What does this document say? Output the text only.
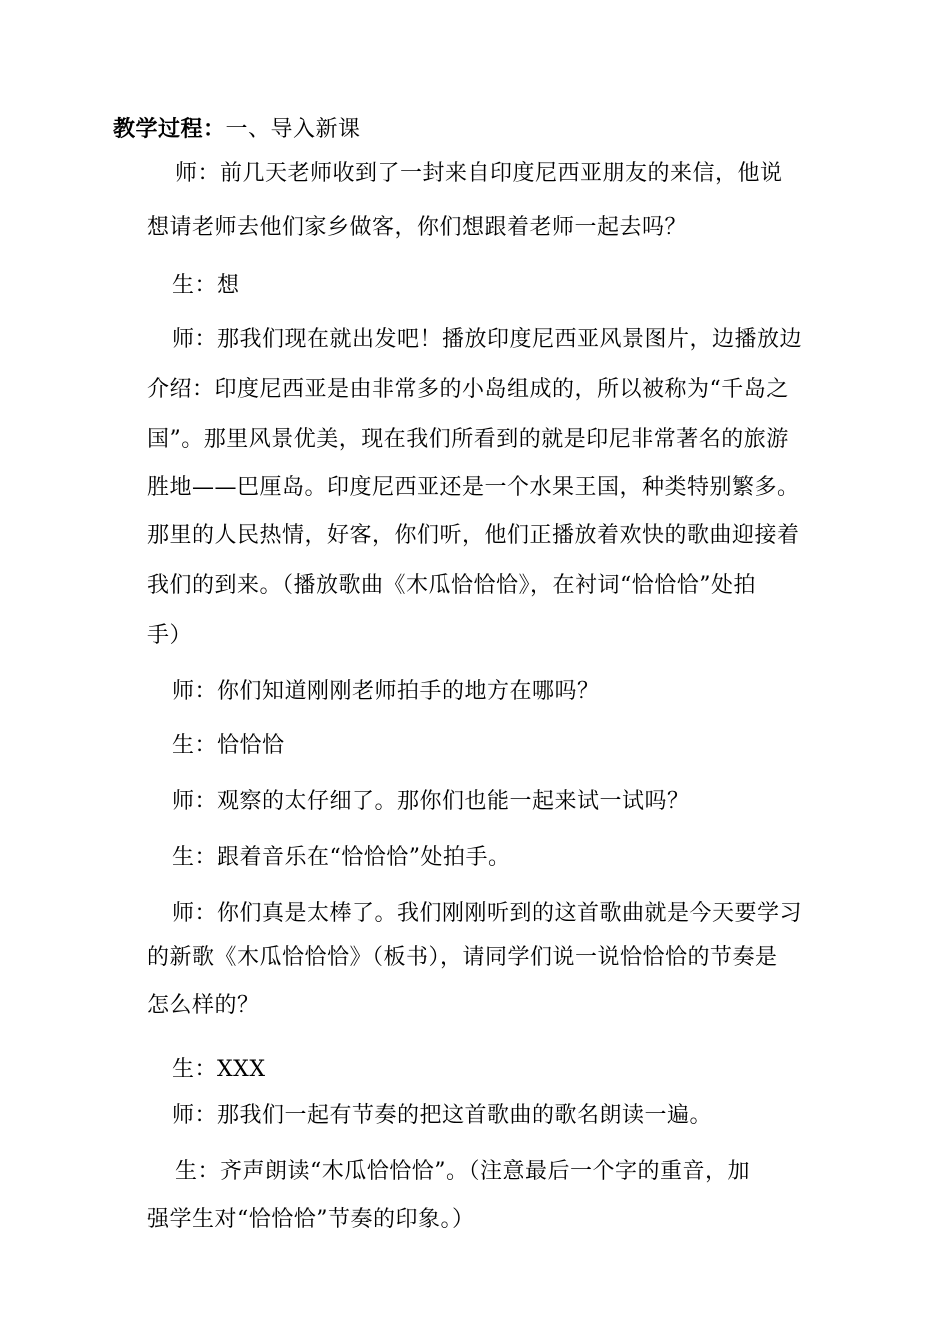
教学过程：一、导入新课
师：前几天老师收到了一封来自印度尼西亚朋友的来信，他说
想请老师去他们家乡做客，你们想跟着老师一起去吗？
生：想
师：那我们现在就出发吧！播放印度尼西亚风景图片，边播放边
介绍：印度尼西亚是由非常多的小岛组成的，所以被称为“千岛之
国”。那里风景优美，现在我们所看到的就是印尼非常著名的旅游
胜地——巴厘岛。印度尼西亚还是一个水果王国，种类特别繁多。
那里的人民热情，好客，你们听，他们正播放着欢快的歌曲迎接着
我们的到来。（播放歌曲《木瓜恰恰恰》，在衬词“恰恰恰”处拍
手）
师：你们知道刚刚老师拍手的地方在哪吗？
生：恰恰恰
师：观察的太仔细了。那你们也能一起来试一试吗？
生：跟着音乐在“恰恰恰”处拍手。
师：你们真是太棒了。我们刚刚听到的这首歌曲就是今天要学习
的新歌《木瓜恰恰恰》（板书），请同学们说一说恰恰恰的节奏是
怎么样的？
生：XXX
师：那我们一起有节奏的把这首歌曲的歌名朗读一遍。
生：齐声朗读“木瓜恰恰恰”。（注意最后一个字的重音，加
强学生对“恰恰恰”节奏的印象。）
